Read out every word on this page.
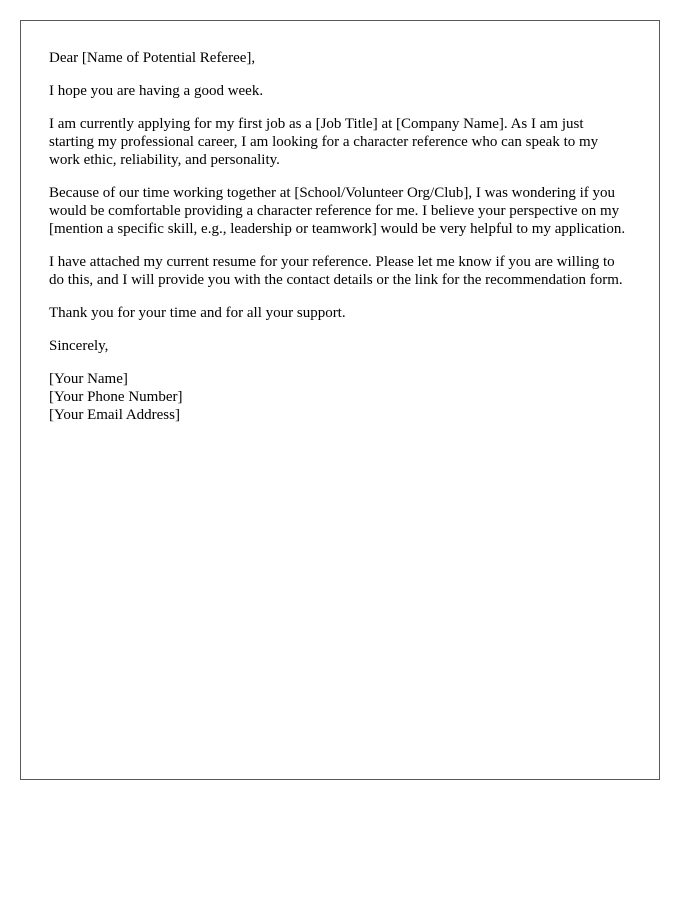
Dear [Name of Potential Referee],

I hope you are having a good week.

I am currently applying for my first job as a [Job Title] at [Company Name]. As I am just starting my professional career, I am looking for a character reference who can speak to my work ethic, reliability, and personality.

Because of our time working together at [School/Volunteer Org/Club], I was wondering if you would be comfortable providing a character reference for me. I believe your perspective on my [mention a specific skill, e.g., leadership or teamwork] would be very helpful to my application.

I have attached my current resume for your reference. Please let me know if you are willing to do this, and I will provide you with the contact details or the link for the recommendation form.

Thank you for your time and for all your support.

Sincerely,

[Your Name]
[Your Phone Number]
[Your Email Address]
